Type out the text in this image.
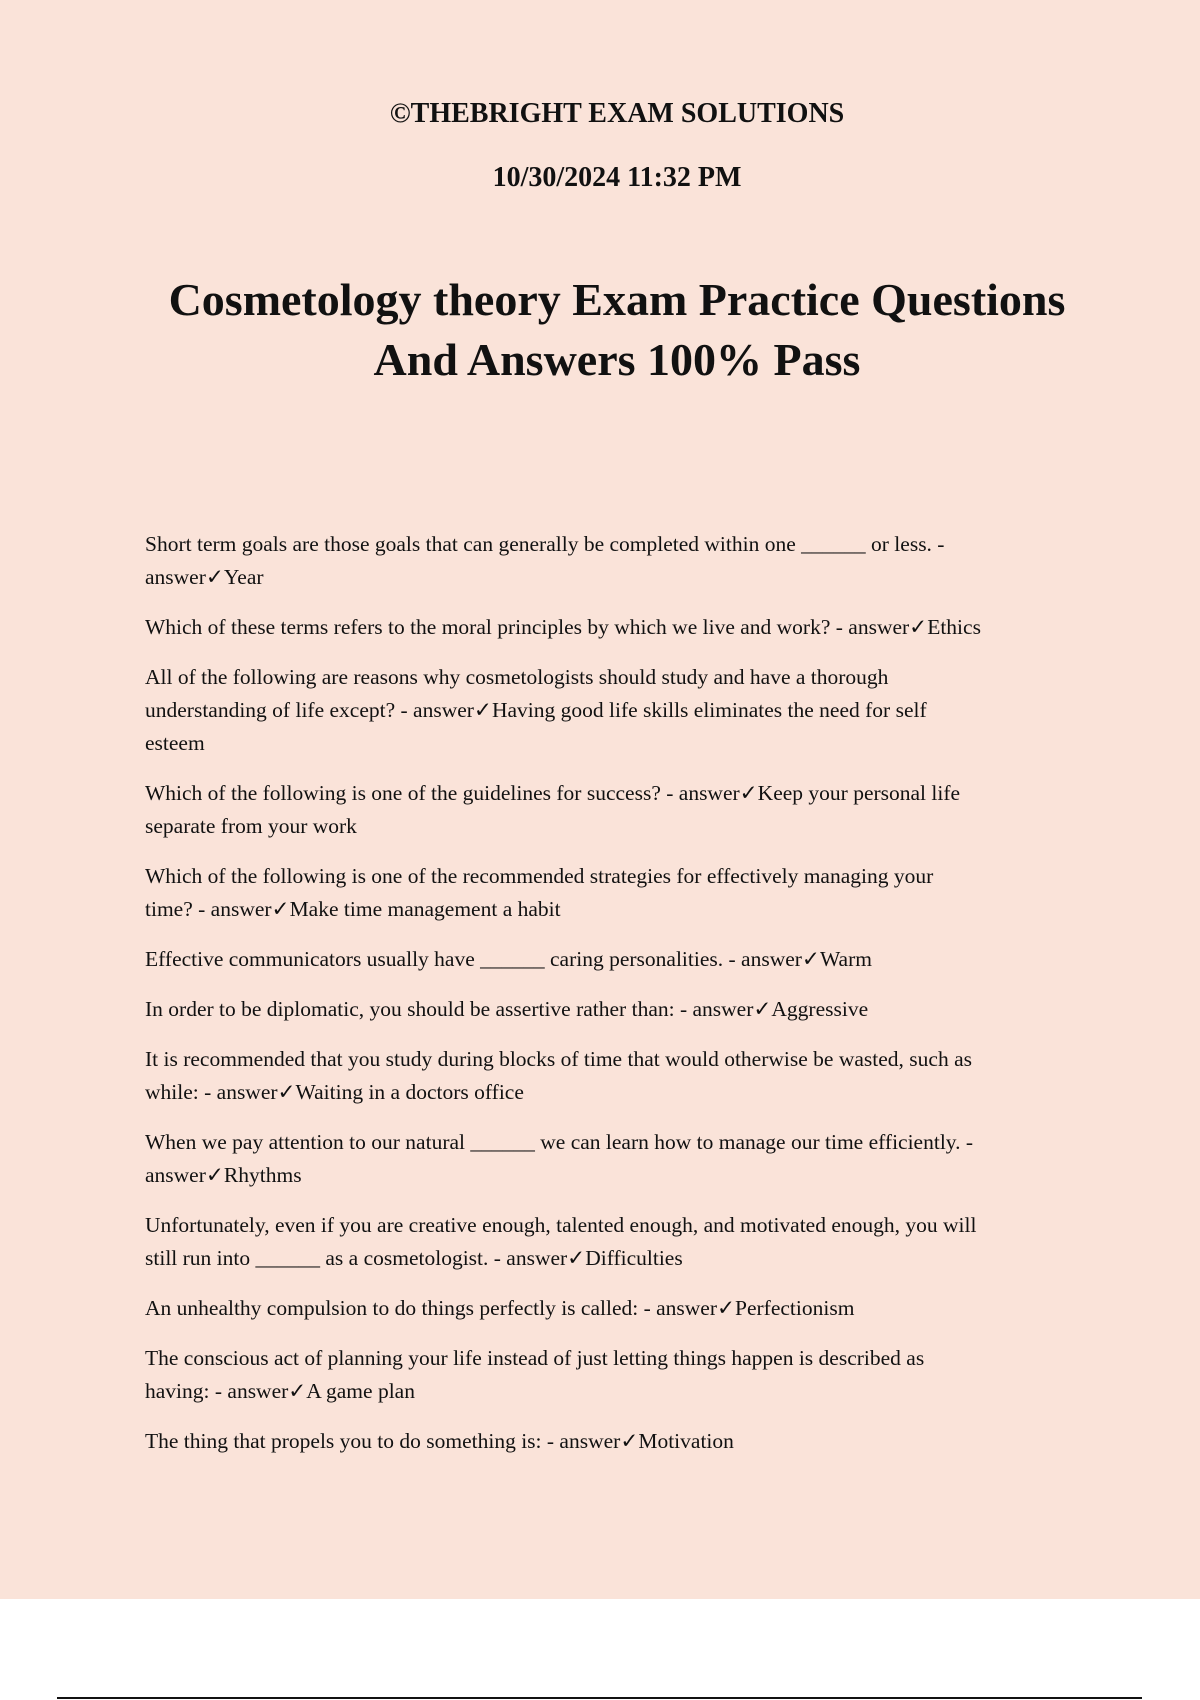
©THEBRIGHT EXAM SOLUTIONS
10/30/2024 11:32 PM
Cosmetology theory Exam Practice Questions
And Answers 100% Pass
Short term goals are those goals that can generally be completed within one ______ or less. -
answer✓Year
Which of these terms refers to the moral principles by which we live and work? - answer✓Ethics
All of the following are reasons why cosmetologists should study and have a thorough
understanding of life except? - answer✓Having good life skills eliminates the need for self
esteem
Which of the following is one of the guidelines for success? - answer✓Keep your personal life
separate from your work
Which of the following is one of the recommended strategies for effectively managing your
time? - answer✓Make time management a habit
Effective communicators usually have ______ caring personalities. - answer✓Warm
In order to be diplomatic, you should be assertive rather than: - answer✓Aggressive
It is recommended that you study during blocks of time that would otherwise be wasted, such as
while: - answer✓Waiting in a doctors office
When we pay attention to our natural ______ we can learn how to manage our time efficiently. -
answer✓Rhythms
Unfortunately, even if you are creative enough, talented enough, and motivated enough, you will
still run into ______ as a cosmetologist. - answer✓Difficulties
An unhealthy compulsion to do things perfectly is called: - answer✓Perfectionism
The conscious act of planning your life instead of just letting things happen is described as
having: - answer✓A game plan
The thing that propels you to do something is: - answer✓Motivation
